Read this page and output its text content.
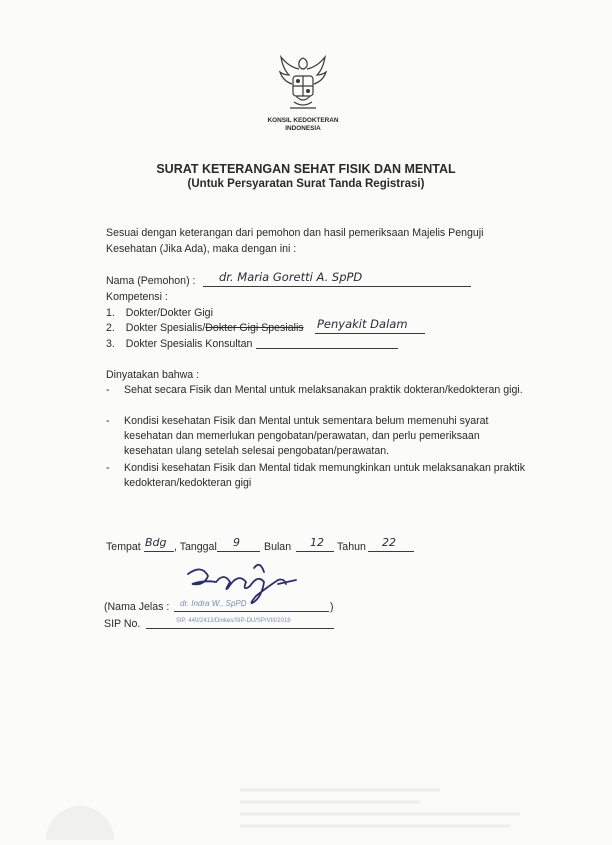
KONSIL KEDOKTERAN
INDONESIA
SURAT KETERANGAN SEHAT FISIK DAN MENTAL
(Untuk Persyaratan Surat Tanda Registrasi)
Sesuai dengan keterangan dari pemohon dan hasil pemeriksaan Majelis Penguji
Kesehatan (Jika Ada), maka dengan ini :
Nama (Pemohon) : dr. Maria Goretti A. SpPD
Kompetensi :
1. Dokter/Dokter Gigi
2. Dokter Spesialis/Dokter Gigi Spesialis Penyakit Dalam
3. Dokter Spesialis Konsultan
Dinyatakan bahwa :
- Sehat secara Fisik dan Mental untuk melaksanakan praktik dokteran/kedokteran gigi.
- Kondisi kesehatan Fisik dan Mental untuk sementara belum memenuhi syarat kesehatan dan memerlukan pengobatan/perawatan, dan perlu pemeriksaan kesehatan ulang setelah selesai pengobatan/perawatan.
- Kondisi kesehatan Fisik dan Mental tidak memungkinkan untuk melaksanakan praktik kedokteran/kedokteran gigi
Tempat Bdg , Tanggal 9 Bulan 12 Tahun 22
(Nama Jelas : dr. Indra W., SpPD	)
SIP No.	SIP. 440/2413/Dinkes/SIP-DU/SP/VIII/2018
